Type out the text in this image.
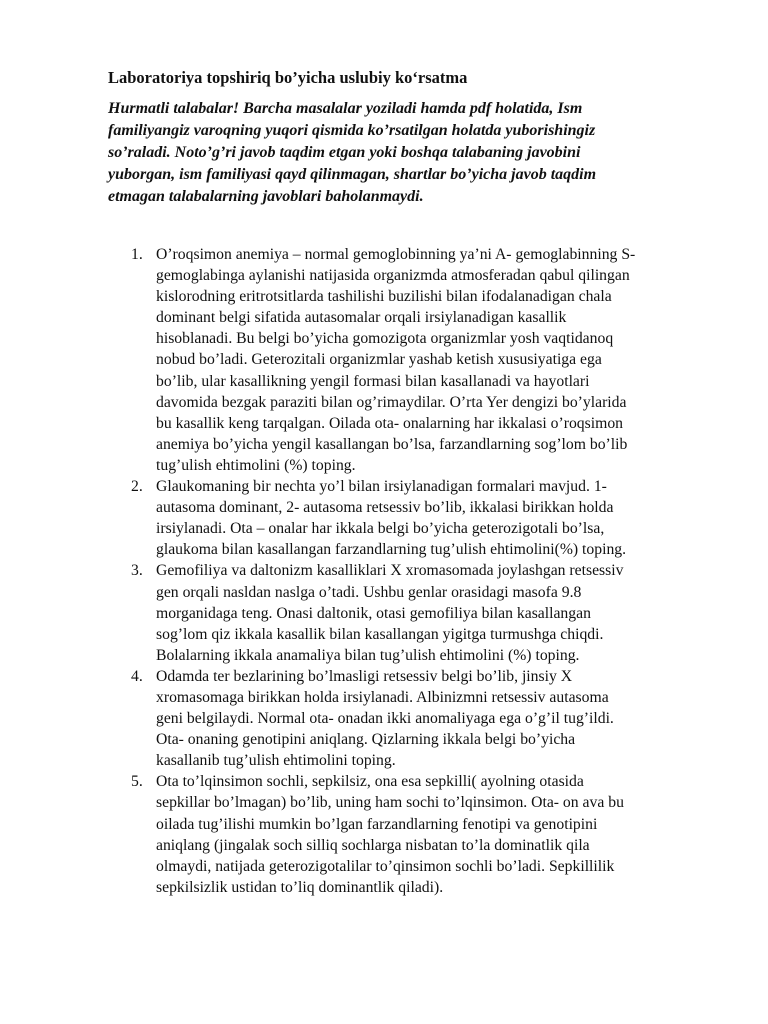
Laboratoriya topshiriq bo’yicha uslubiy ko‘rsatma
Hurmatli talabalar! Barcha masalalar yoziladi hamda pdf holatida, Ism
familiyangiz varoqning yuqori qismida ko’rsatilgan holatda yuborishingiz
so’raladi. Noto’g’ri javob taqdim etgan yoki boshqa talabaning javobini
yuborgan, ism familiyasi qayd qilinmagan, shartlar bo’yicha javob taqdim
etmagan talabalarning javoblari baholanmaydi.
1. O’roqsimon anemiya – normal gemoglobinning ya’ni A- gemoglabinning S-
gemoglabinga aylanishi natijasida organizmda atmosferadan qabul qilingan
kislorodning eritrotsitlarda tashilishi buzilishi bilan ifodalanadigan chala
dominant belgi sifatida autasomalar orqali irsiylanadigan kasallik
hisoblanadi. Bu belgi bo’yicha gomozigota organizmlar yosh vaqtidanoq
nobud bo’ladi. Geterozitali organizmlar yashab ketish xususiyatiga ega
bo’lib, ular kasallikning yengil formasi bilan kasallanadi va hayotlari
davomida bezgak paraziti bilan og’rimaydilar. O’rta Yer dengizi bo’ylarida
bu kasallik keng tarqalgan. Oilada ota- onalarning har ikkalasi o’roqsimon
anemiya bo’yicha yengil kasallangan bo’lsa, farzandlarning sog’lom bo’lib
tug’ulish ehtimolini (%) toping.
2. Glaukomaning bir nechta yo’l bilan irsiylanadigan formalari mavjud. 1-
autasoma dominant, 2- autasoma retsessiv bo’lib, ikkalasi birikkan holda
irsiylanadi. Ota – onalar har ikkala belgi bo’yicha geterozigotali bo’lsa,
glaukoma bilan kasallangan farzandlarning tug’ulish ehtimolini(%) toping.
3. Gemofiliya va daltonizm kasalliklari X xromasomada joylashgan retsessiv
gen orqali nasldan naslga o’tadi. Ushbu genlar orasidagi masofa 9.8
morganidaga teng. Onasi daltonik, otasi gemofiliya bilan kasallangan
sog’lom qiz ikkala kasallik bilan kasallangan yigitga turmushga chiqdi.
Bolalarning ikkala anamaliya bilan tug’ulish ehtimolini (%) toping.
4. Odamda ter bezlarining bo’lmasligi retsessiv belgi bo’lib, jinsiy X
xromasomaga birikkan holda irsiylanadi. Albinizmni retsessiv autasoma
geni belgilaydi. Normal ota- onadan ikki anomaliyaga ega o’g’il tug’ildi.
Ota- onaning genotipini aniqlang. Qizlarning ikkala belgi bo’yicha
kasallanib tug’ulish ehtimolini toping.
5. Ota to’lqinsimon sochli, sepkilsiz, ona esa sepkilli( ayolning otasida
sepkillar bo’lmagan) bo’lib, uning ham sochi to’lqinsimon. Ota- on ava bu
oilada tug’ilishi mumkin bo’lgan farzandlarning fenotipi va genotipini
aniqlang (jingalak soch silliq sochlarga nisbatan to’la dominatlik qila
olmaydi, natijada geterozigotalilar to’qinsimon sochli bo’ladi. Sepkillilik
sepkilsizlik ustidan to’liq dominantlik qiladi).
